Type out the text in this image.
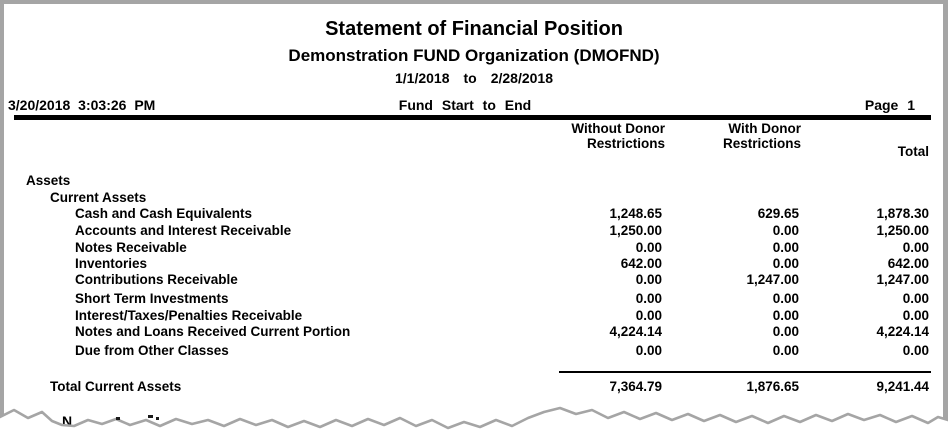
Statement of Financial Position
Demonstration FUND Organization (DMOFND)
1/1/2018 to 2/28/2018
3/20/2018 3:03:26 PM	Fund Start to End	Page 1
Without Donor
Restrictions
With Donor
Restrictions
Total
Assets
Current Assets
Cash and Cash Equivalents	1,248.65	629.65	1,878.30
Accounts and Interest Receivable	1,250.00	0.00	1,250.00
Notes Receivable	0.00	0.00	0.00
Inventories	642.00	0.00	642.00
Contributions Receivable	0.00	1,247.00	1,247.00
Short Term Investments	0.00	0.00	0.00
Interest/Taxes/Penalties Receivable	0.00	0.00	0.00
Notes and Loans Received Current Portion	4,224.14	0.00	4,224.14
Due from Other Classes	0.00	0.00	0.00
Total Current Assets	7,364.79	1,876.65	9,241.44
N
